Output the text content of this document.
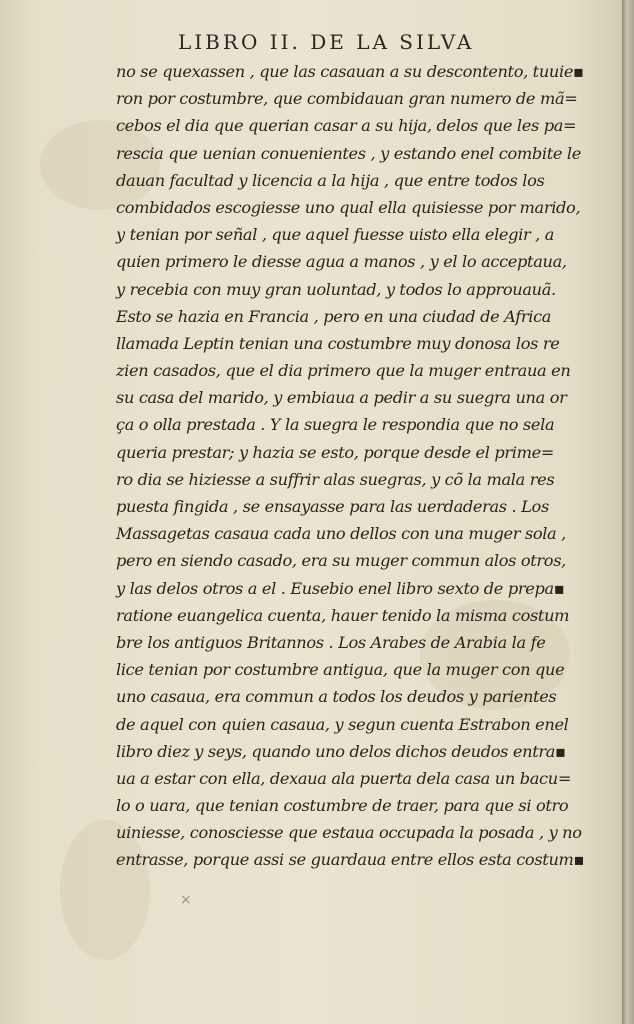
LIBRO II. DE LA SILVA
no se quexassen , que las casauan a su descontento, tuuie▪
ron por costumbre, que combidauan gran numero de mã=
cebos el dia que querian casar a su hija, delos que les pa=
rescia que uenian conuenientes , y estando enel combite le
dauan facultad y licencia a la hija , que entre todos los
combidados escogiesse uno qual ella quisiesse por marido,
y tenian por señal , que aquel fuesse uisto ella elegir , a
quien primero le diesse agua a manos , y el lo acceptaua,
y recebia con muy gran uoluntad, y todos lo approuauã.
Esto se hazia en Francia , pero en una ciudad de Africa
llamada Leptin tenian una costumbre muy donosa los re
zien casados, que el dia primero que la muger entraua en
su casa del marido, y embiaua a pedir a su suegra una or
ça o olla prestada . Y la suegra le respondia que no sela
queria prestar; y hazia se esto, porque desde el prime=
ro dia se hiziesse a suffrir alas suegras, y cõ la mala res
puesta fingida , se ensayasse para las uerdaderas . Los
Massagetas casaua cada uno dellos con una muger sola ,
pero en siendo casado, era su muger commun alos otros,
y las delos otros a el . Eusebio enel libro sexto de prepa▪
ratione euangelica cuenta, hauer tenido la misma costum
bre los antiguos Britannos . Los Arabes de Arabia la fe
lice tenian por costumbre antigua, que la muger con que
uno casaua, era commun a todos los deudos y parientes
de aquel con quien casaua, y segun cuenta Estrabon enel
libro diez y seys, quando uno delos dichos deudos entra▪
ua a estar con ella, dexaua ala puerta dela casa un bacu=
lo o uara, que tenian costumbre de traer, para que si otro
uiniesse, conosciesse que estaua occupada la posada , y no
entrasse, porque assi se guardaua entre ellos esta costum▪
×
